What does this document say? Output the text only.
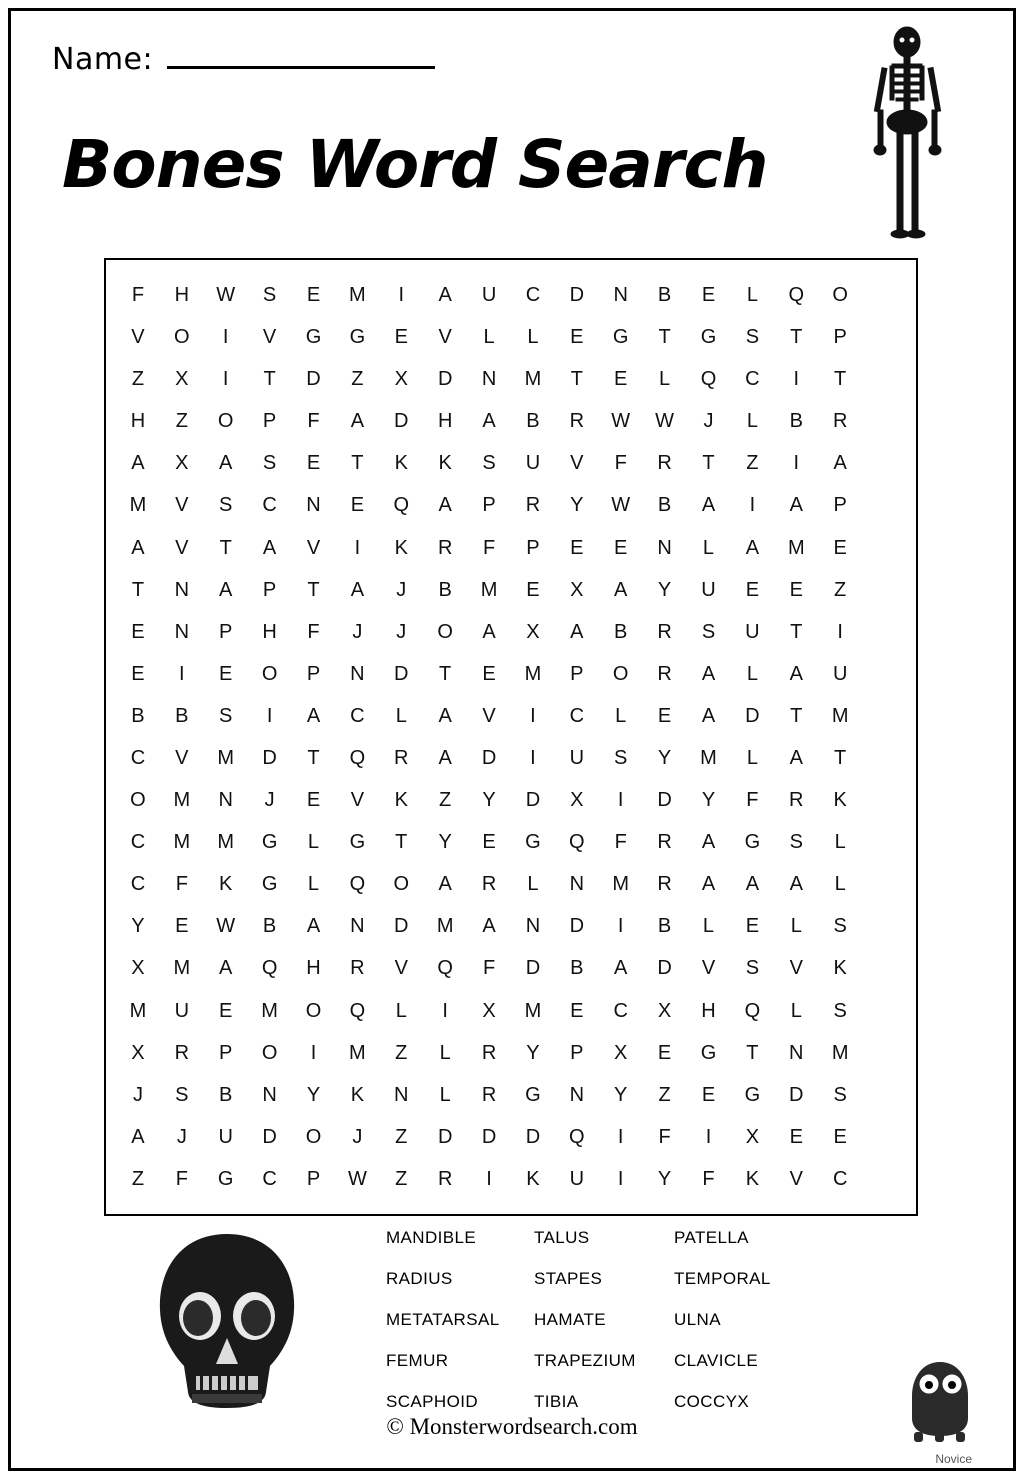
Name:
Bones Word Search
F H W S E M I A U C D N B E L Q O
V O I V G G E V L L E G T G S T P
Z X I T D Z X D N M T E L Q C I T
H Z O P F A D H A B R W W J L B R
A X A S E T K K S U V F R T Z I A
M V S C N E Q A P R Y W B A I A P
A V T A V I K R F P E E N L A M E
T N A P T A J B M E X A Y U E E Z
E N P H F J J O A X A B R S U T I
E I E O P N D T E M P O R A L A U
B B S I A C L A V I C L E A D T M
C V M D T Q R A D I U S Y M L A T
O M N J E V K Z Y D X I D Y F R K
C M M G L G T Y E G Q F R A G S L
C F K G L Q O A R L N M R A A A L
Y E W B A N D M A N D I B L E L S
X M A Q H R V Q F D B A D V S V K
M U E M O Q L I X M E C X H Q L S
X R P O I M Z L R Y P X E G T N M
J S B N Y K N L R G N Y Z E G D S
A J U D O J Z D D D Q I F I X E E
Z F G C P W Z R I K U I Y F K V C
MANDIBLE	TALUS	PATELLA
RADIUS	STAPES	TEMPORAL
METATARSAL	HAMATE	ULNA
FEMUR	TRAPEZIUM	CLAVICLE
SCAPHOID	TIBIA	COCCYX
© Monsterwordsearch.com
Novice
